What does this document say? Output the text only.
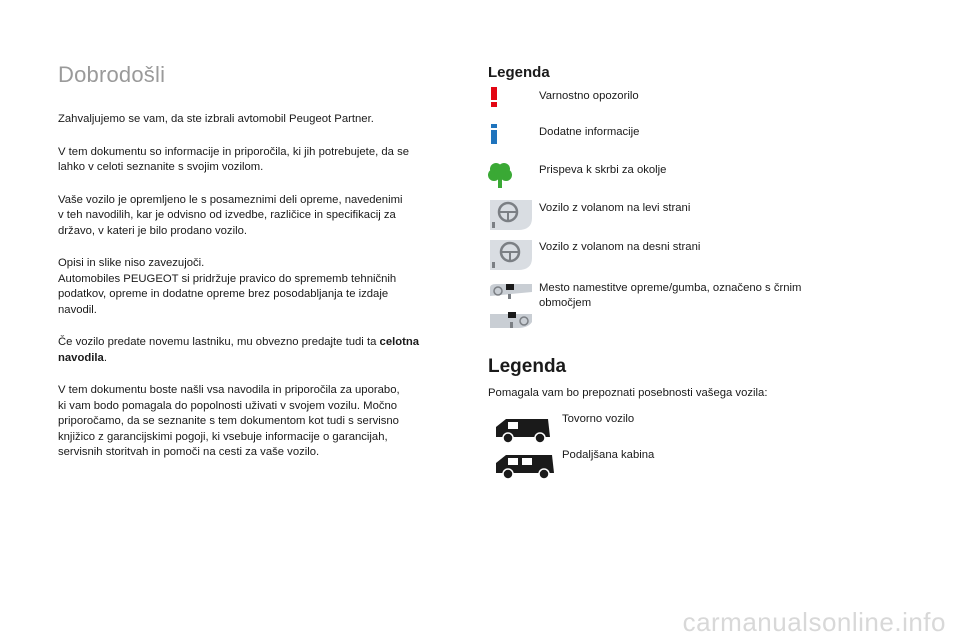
Dobrodošli

Zahvaljujemo se vam, da ste izbrali avtomobil Peugeot Partner.

V tem dokumentu so informacije in priporočila, ki jih potrebujete, da se
lahko v celoti seznanite s svojim vozilom.

Vaše vozilo je opremljeno le s posameznimi deli opreme, navedenimi
v teh navodilih, kar je odvisno od izvedbe, različice in specifikacij za
državo, v kateri je bilo prodano vozilo.

Opisi in slike niso zavezujoči.
Automobiles PEUGEOT si pridržuje pravico do sprememb tehničnih
podatkov, opreme in dodatne opreme brez posodabljanja te izdaje
navodil.

Če vozilo predate novemu lastniku, mu obvezno predajte tudi ta celotna navodila.

V tem dokumentu boste našli vsa navodila in priporočila za uporabo,
ki vam bodo pomagala do popolnosti uživati v svojem vozilu. Močno
priporočamo, da se seznanite s tem dokumentom kot tudi s servisno
knjižico z garancijskimi pogoji, ki vsebuje informacije o garancijah,
servisnih storitvah in pomoči na cesti za vaše vozilo.

Legenda
Varnostno opozorilo
Dodatne informacije
Prispeva k skrbi za okolje
Vozilo z volanom na levi strani
Vozilo z volanom na desni strani
Mesto namestitve opreme/gumba, označeno s črnim
območjem
Legenda
Pomagala vam bo prepoznati posebnosti vašega vozila:
Tovorno vozilo
Podaljšana kabina
carmanualsonline.info
